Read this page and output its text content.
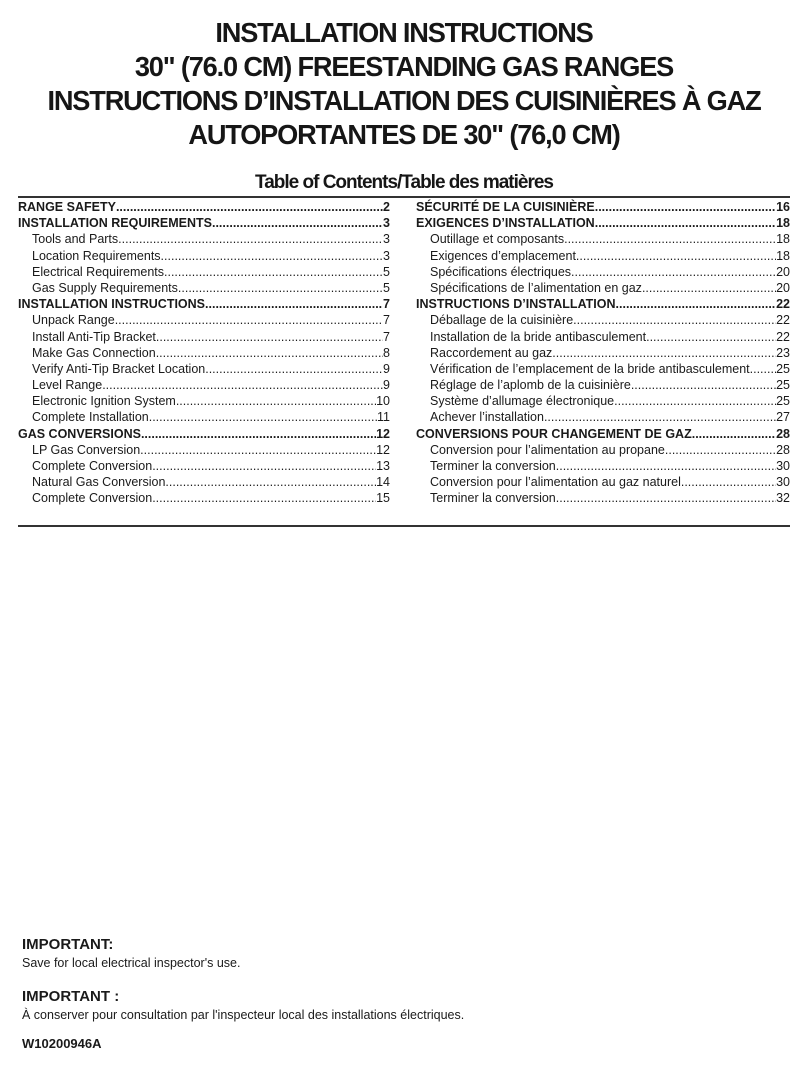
INSTALLATION INSTRUCTIONS
30" (76.0 CM) FREESTANDING GAS RANGES
INSTRUCTIONS D’INSTALLATION DES CUISINIÈRES À GAZ
AUTOPORTANTES DE 30" (76,0 CM)
Table of Contents/Table des matières
RANGE SAFETY .....	2
INSTALLATION REQUIREMENTS .....	3
Tools and Parts .....	3
Location Requirements .....	3
Electrical Requirements .....	5
Gas Supply Requirements .....	5
INSTALLATION INSTRUCTIONS .....	7
Unpack Range .....	7
Install Anti-Tip Bracket .....	7
Make Gas Connection .....	8
Verify Anti-Tip Bracket Location .....	9
Level Range .....	9
Electronic Ignition System .....	10
Complete Installation .....	11
GAS CONVERSIONS .....	12
LP Gas Conversion .....	12
Complete Conversion .....	13
Natural Gas Conversion .....	14
Complete Conversion .....	15
SÉCURITÉ DE LA CUISINIÈRE .....	16
EXIGENCES D’INSTALLATION .....	18
Outillage et composants .....	18
Exigences d’emplacement .....	18
Spécifications électriques .....	20
Spécifications de l’alimentation en gaz .....	20
INSTRUCTIONS D’INSTALLATION .....	22
Déballage de la cuisinière .....	22
Installation de la bride antibasculement .....	22
Raccordement au gaz .....	23
Vérification de l’emplacement de la bride antibasculement ..... 25
Réglage de l’aplomb de la cuisinière .....	25
Système d’allumage électronique .....	25
Achever l’installation .....	27
CONVERSIONS POUR CHANGEMENT DE GAZ .....	28
Conversion pour l’alimentation au propane .....	28
Terminer la conversion .....	30
Conversion pour l’alimentation au gaz naturel .....	30
Terminer la conversion .....	32
IMPORTANT:
Save for local electrical inspector's use.
IMPORTANT :
À conserver pour consultation par l'inspecteur local des installations électriques.
W10200946A
